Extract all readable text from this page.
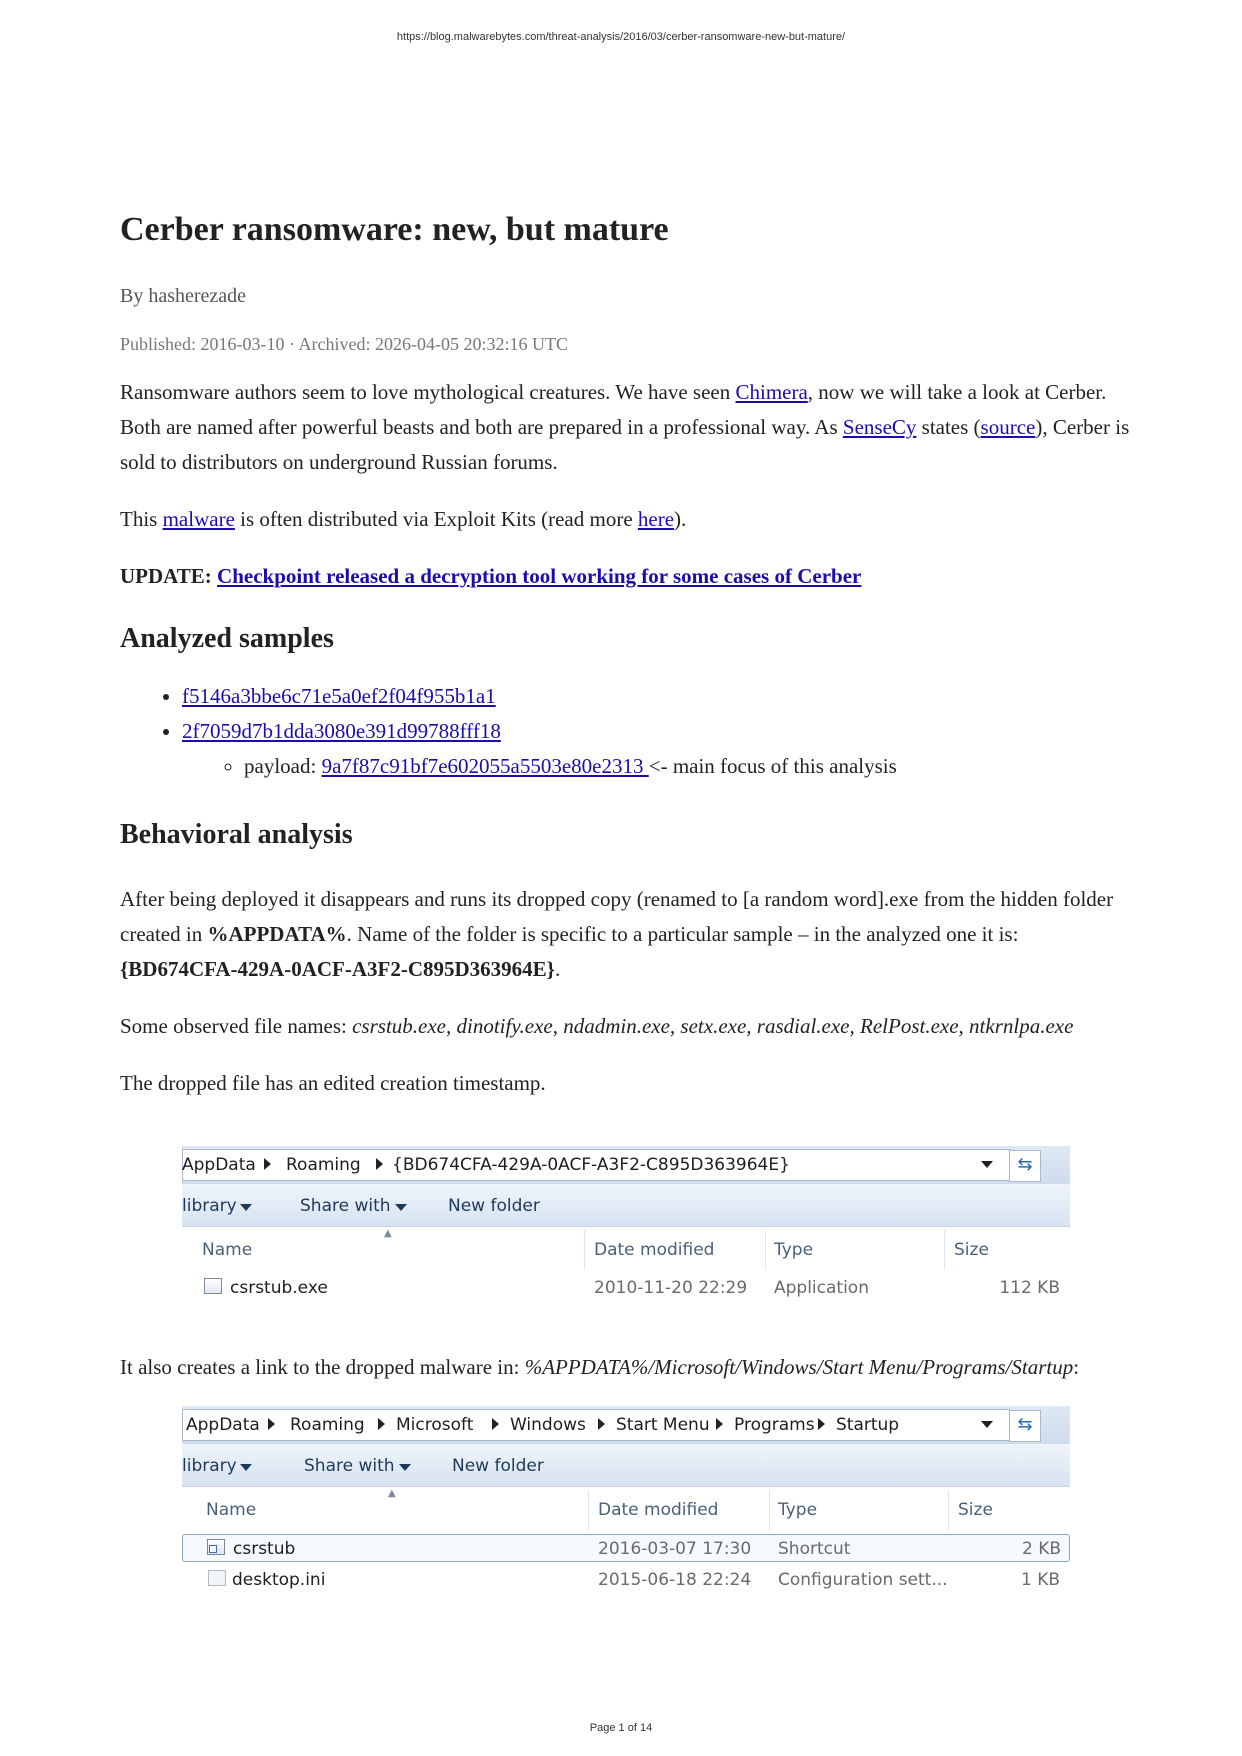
https://blog.malwarebytes.com/threat-analysis/2016/03/cerber-ransomware-new-but-mature/
Cerber ransomware: new, but mature
By hasherezade
Published: 2016-03-10 · Archived: 2026-04-05 20:32:16 UTC

Ransomware authors seem to love mythological creatures. We have seen Chimera, now we will take a look at Cerber. Both are named after powerful beasts and both are prepared in a professional way. As SenseCy states (source), Cerber is sold to distributors on underground Russian forums.

This malware is often distributed via Exploit Kits (read more here).

UPDATE: Checkpoint released a decryption tool working for some cases of Cerber

Analyzed samples
• f5146a3bbe6c71e5a0ef2f04f955b1a1
• 2f7059d7b1dda3080e391d99788fff18
◦ payload: 9a7f87c91bf7e602055a5503e80e2313 <- main focus of this analysis
Behavioral analysis

After being deployed it disappears and runs its dropped copy (renamed to [a random word].exe from the hidden folder created in %APPDATA%. Name of the folder is specific to a particular sample – in the analyzed one it is: {BD674CFA-429A-0ACF-A3F2-C895D363964E}.

Some observed file names: csrstub.exe, dinotify.exe, ndadmin.exe, setx.exe, rasdial.exe, RelPost.exe, ntkrnlpa.exe

The dropped file has an edited creation timestamp.

It also creates a link to the dropped malware in: %APPDATA%/Microsoft/Windows/Start Menu/Programs/Startup:

AppData Roaming {BD674CFA-429A-0ACF-A3F2-C895D363964E}	⇆
library	Share with	New folder
▲
Name	Date modified	Type	Size
csrstub.exe	2010-11-20 22:29 Application	112 KB
AppData Roaming Microsoft Windows Start Menu Programs Startup	⇆
library	Share with	New folder
▲
Name	Date modified	Type	Size
csrstub	2016-03-07 17:30 Shortcut	2 KB
desktop.ini	2015-06-18 22:24 Configuration sett...	1 KB
Page 1 of 14
